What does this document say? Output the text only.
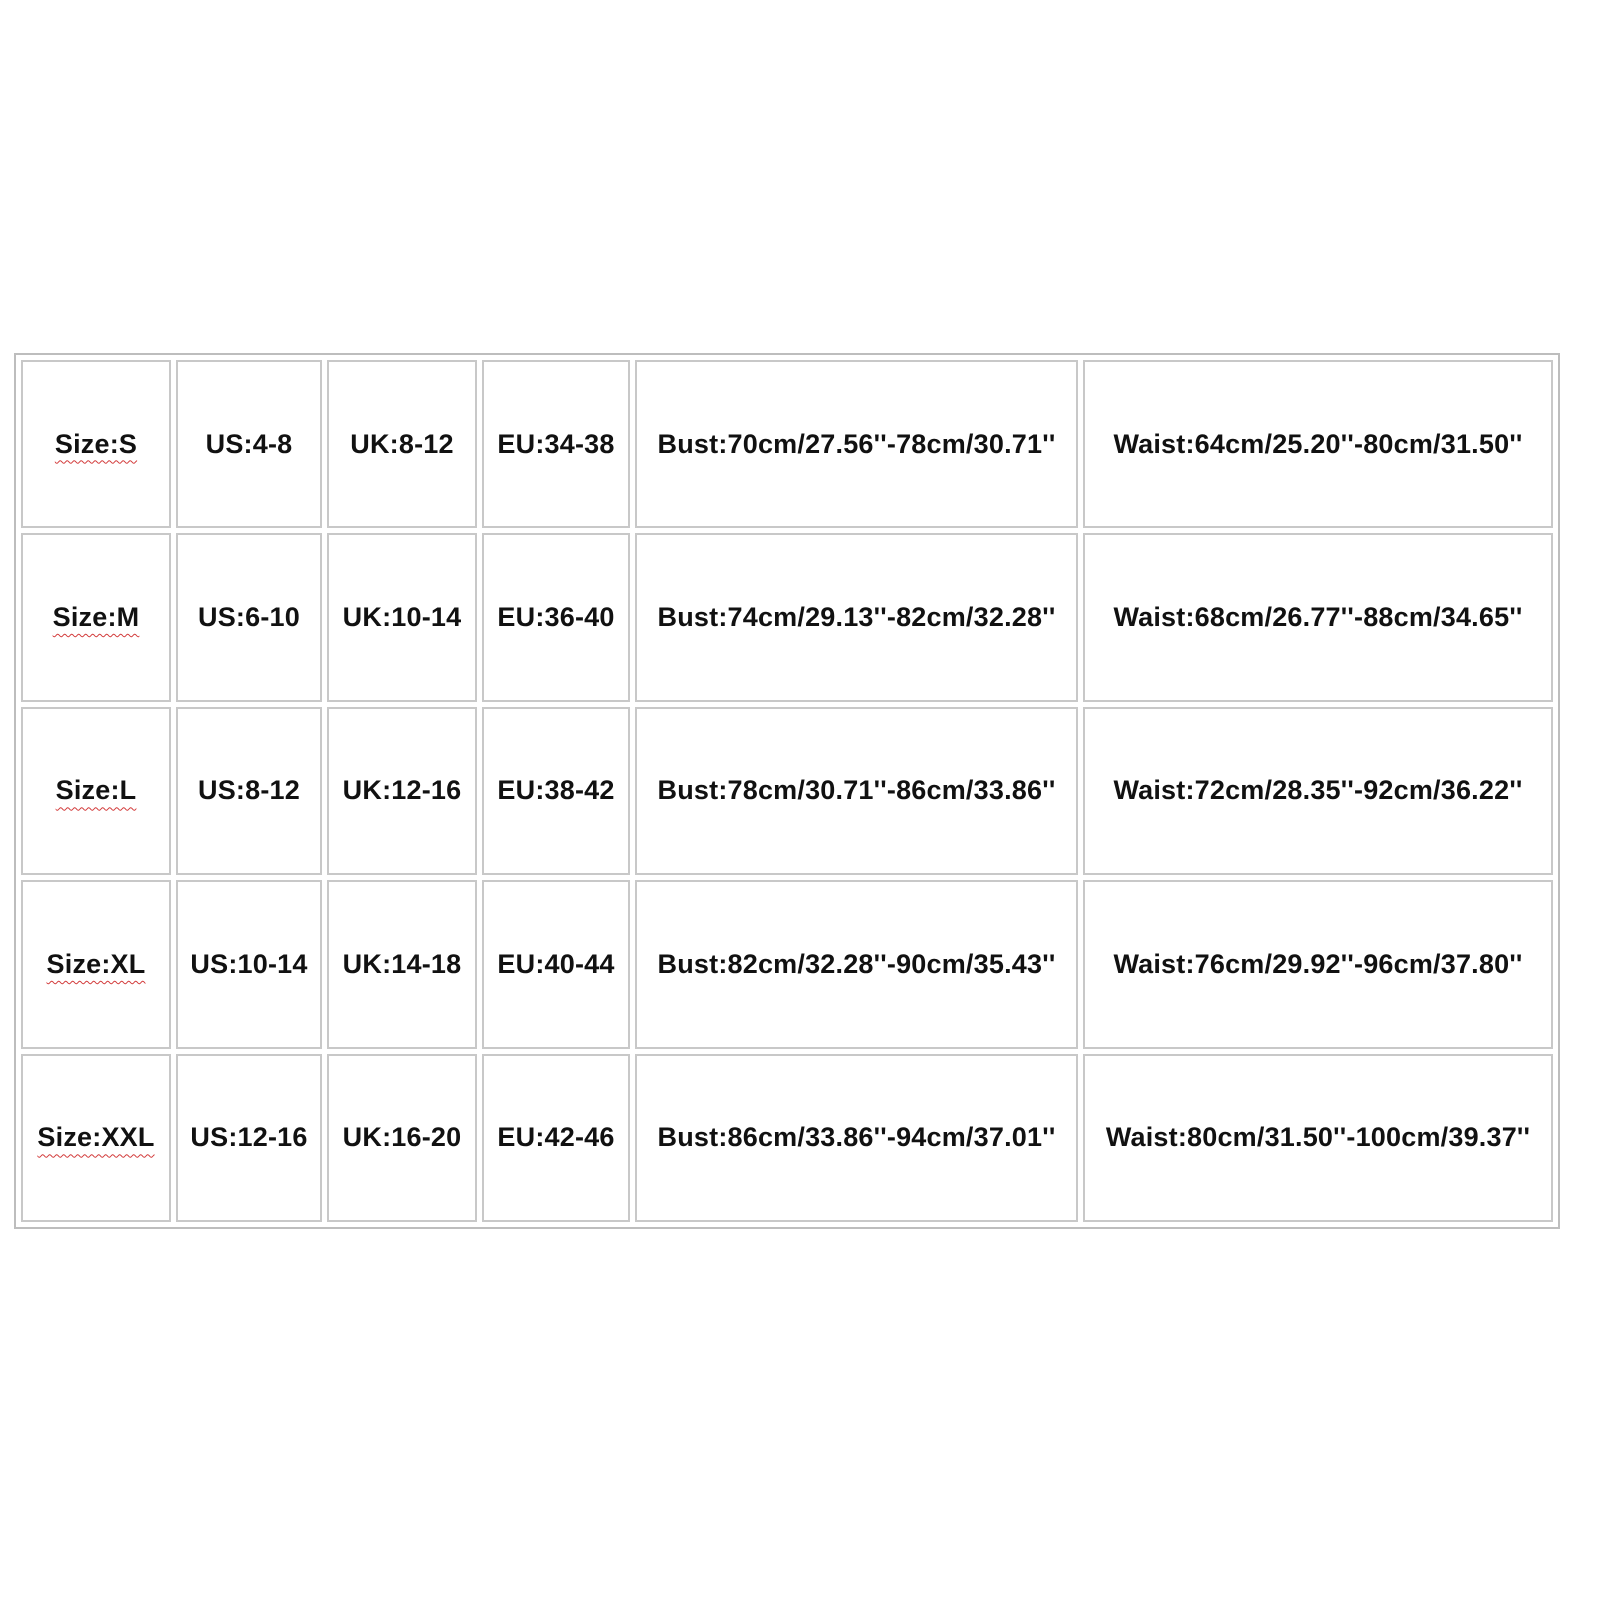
Size:S	US:4-8	UK:8-12	EU:34-38	Bust:70cm/27.56''-78cm/30.71''	Waist:64cm/25.20''-80cm/31.50''
Size:M	US:6-10	UK:10-14	EU:36-40	Bust:74cm/29.13''-82cm/32.28''	Waist:68cm/26.77''-88cm/34.65''
Size:L	US:8-12	UK:12-16	EU:38-42	Bust:78cm/30.71''-86cm/33.86''	Waist:72cm/28.35''-92cm/36.22''
Size:XL	US:10-14	UK:14-18	EU:40-44	Bust:82cm/32.28''-90cm/35.43''	Waist:76cm/29.92''-96cm/37.80''
Size:XXL	US:12-16	UK:16-20	EU:42-46	Bust:86cm/33.86''-94cm/37.01''	Waist:80cm/31.50''-100cm/39.37''
